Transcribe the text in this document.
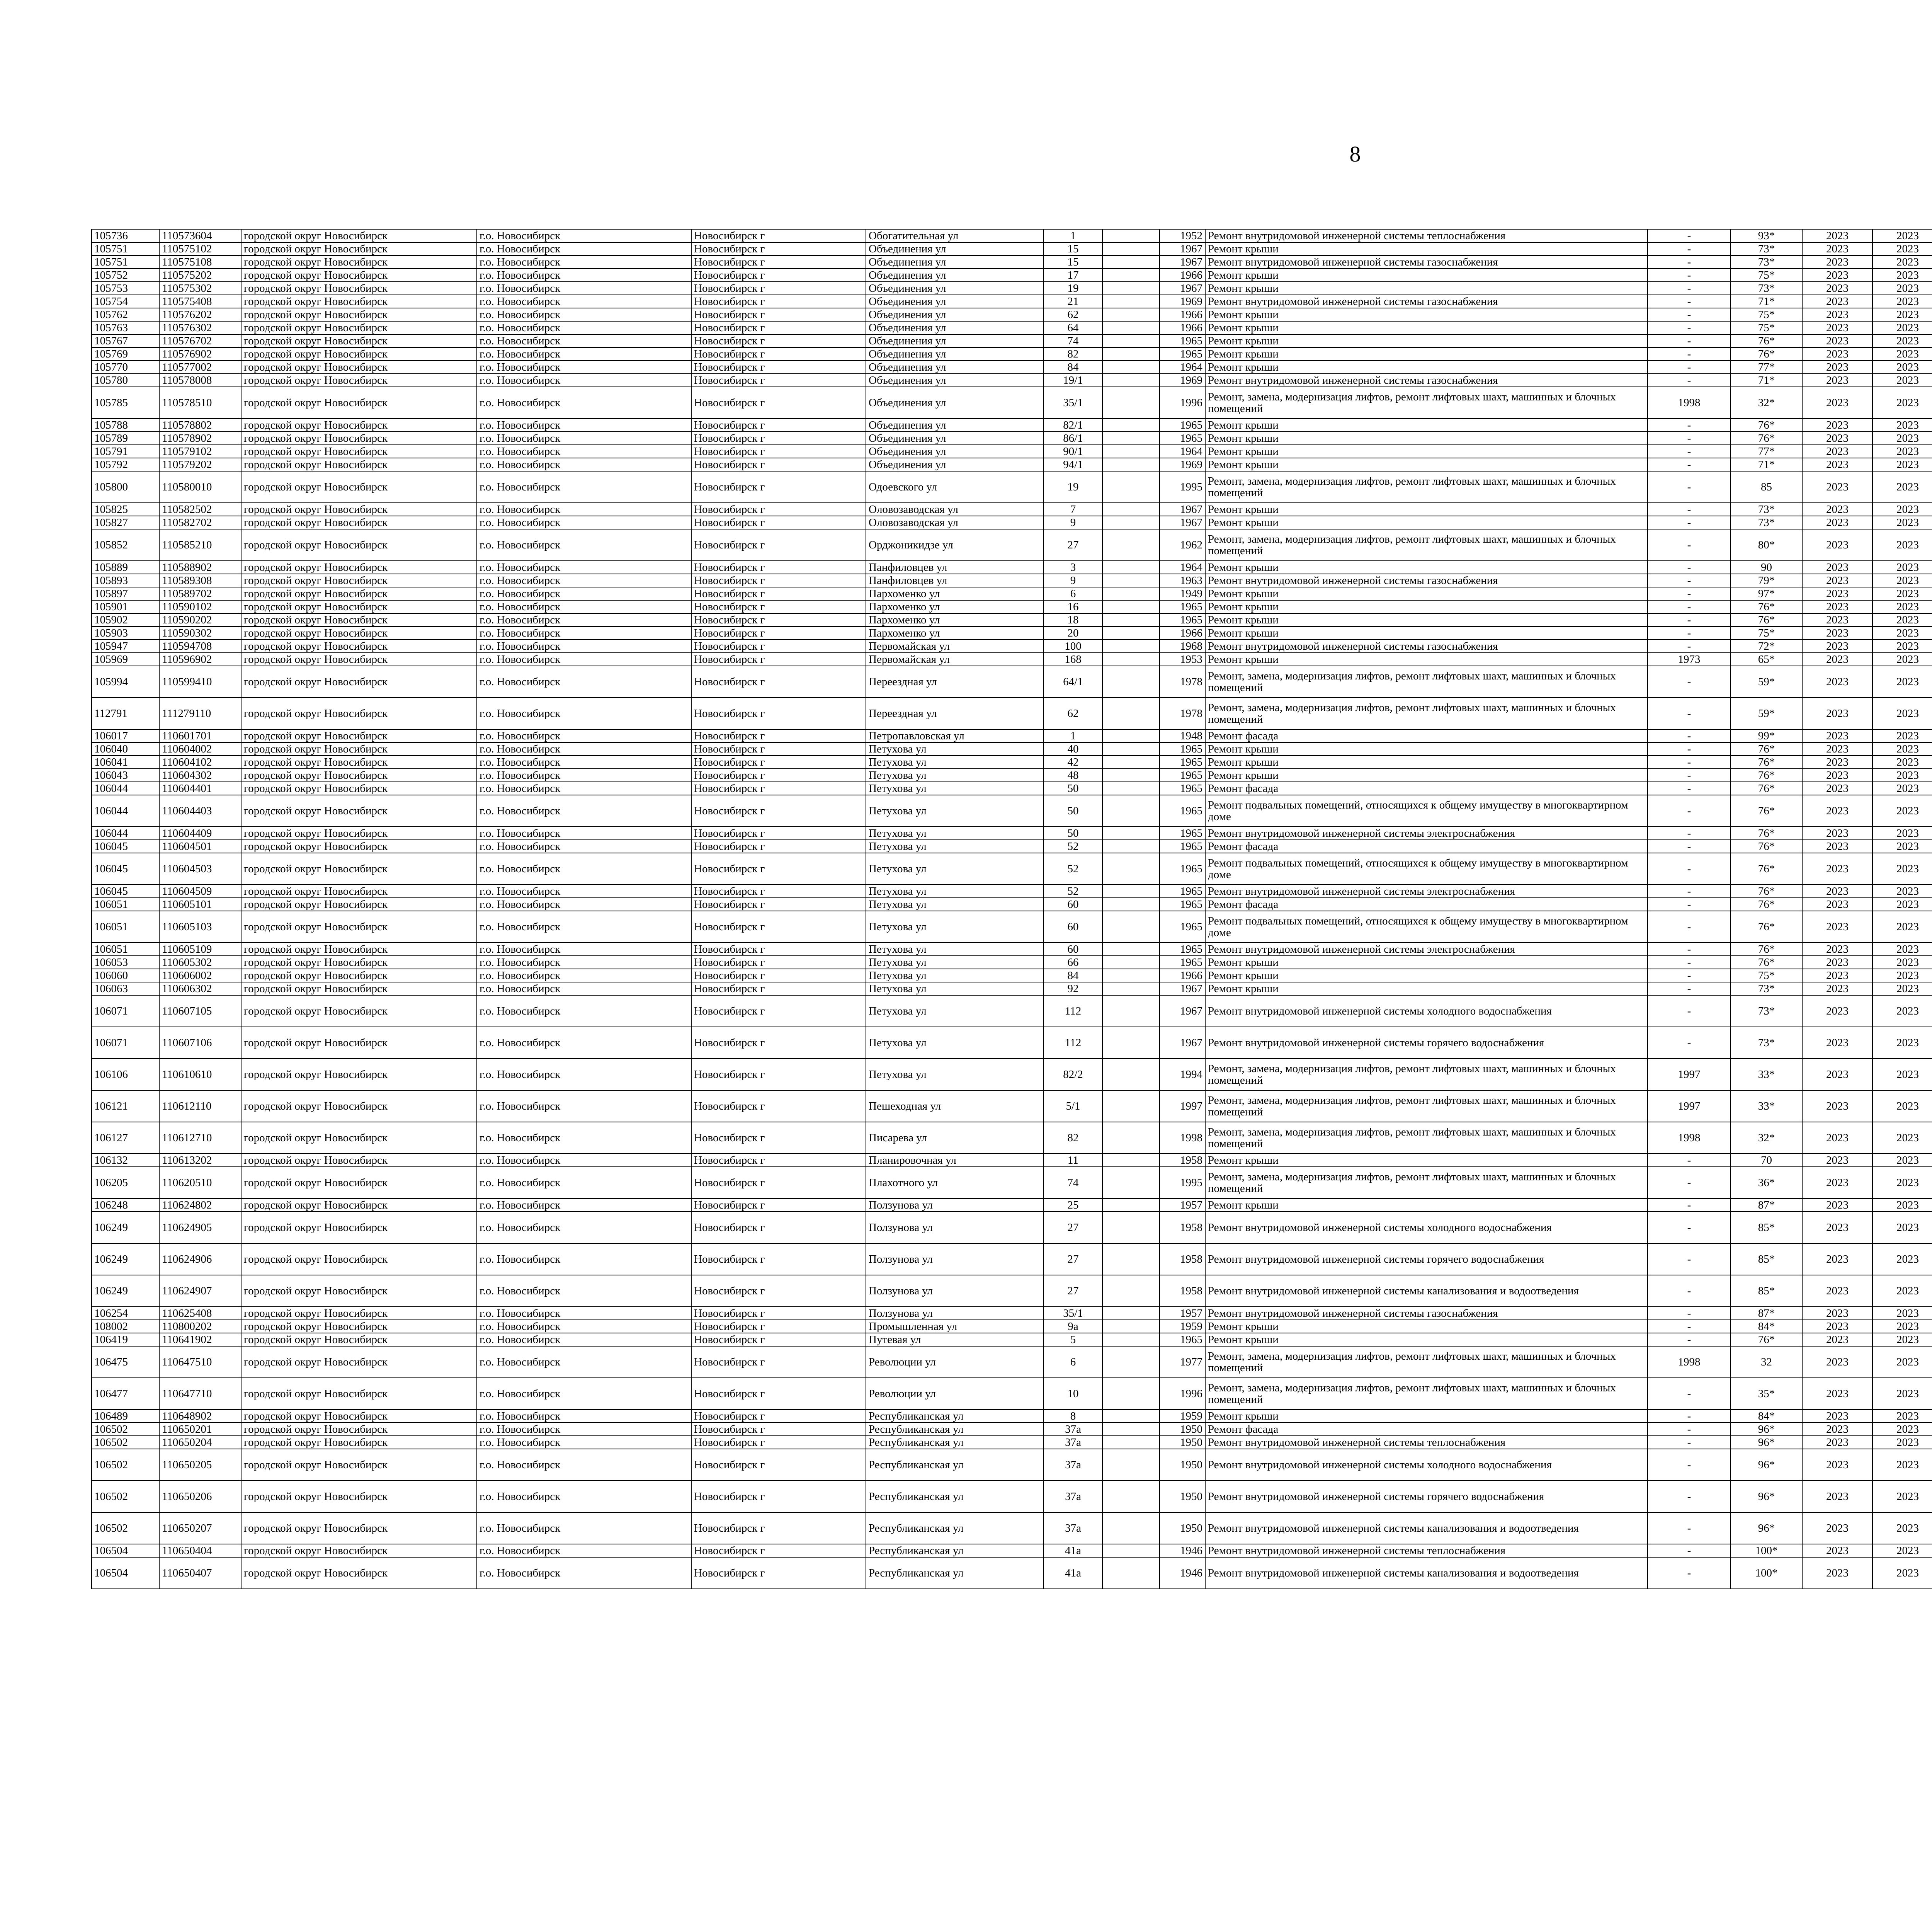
8
105736	110573604	городской округ Новосибирск	г.о. Новосибирск	Новосибирск г	Обогатительная ул	1		1952	Ремонт внутридомовой инженерной системы теплоснабжения	-	93*	2023	2023					
105751	110575102	городской округ Новосибирск	г.о. Новосибирск	Новосибирск г	Объединения ул	15		1967	Ремонт крыши	-	73*	2023	2023					
105751	110575108	городской округ Новосибирск	г.о. Новосибирск	Новосибирск г	Объединения ул	15		1967	Ремонт внутридомовой инженерной системы газоснабжения	-	73*	2023	2023					
105752	110575202	городской округ Новосибирск	г.о. Новосибирск	Новосибирск г	Объединения ул	17		1966	Ремонт крыши	-	75*	2023	2023					
105753	110575302	городской округ Новосибирск	г.о. Новосибирск	Новосибирск г	Объединения ул	19		1967	Ремонт крыши	-	73*	2023	2023					
105754	110575408	городской округ Новосибирск	г.о. Новосибирск	Новосибирск г	Объединения ул	21		1969	Ремонт внутридомовой инженерной системы газоснабжения	-	71*	2023	2023					
105762	110576202	городской округ Новосибирск	г.о. Новосибирск	Новосибирск г	Объединения ул	62		1966	Ремонт крыши	-	75*	2023	2023					
105763	110576302	городской округ Новосибирск	г.о. Новосибирск	Новосибирск г	Объединения ул	64		1966	Ремонт крыши	-	75*	2023	2023					
105767	110576702	городской округ Новосибирск	г.о. Новосибирск	Новосибирск г	Объединения ул	74		1965	Ремонт крыши	-	76*	2023	2023					
105769	110576902	городской округ Новосибирск	г.о. Новосибирск	Новосибирск г	Объединения ул	82		1965	Ремонт крыши	-	76*	2023	2023					
105770	110577002	городской округ Новосибирск	г.о. Новосибирск	Новосибирск г	Объединения ул	84		1964	Ремонт крыши	-	77*	2023	2023					
105780	110578008	городской округ Новосибирск	г.о. Новосибирск	Новосибирск г	Объединения ул	19/1		1969	Ремонт внутридомовой инженерной системы газоснабжения	-	71*	2023	2023					
105785	110578510	городской округ Новосибирск	г.о. Новосибирск	Новосибирск г	Объединения ул	35/1		1996	Ремонт, замена, модернизация лифтов, ремонт лифтовых шахт, машинных и блочных помещений	1998	32*	2023	2023					
105788	110578802	городской округ Новосибирск	г.о. Новосибирск	Новосибирск г	Объединения ул	82/1		1965	Ремонт крыши	-	76*	2023	2023					
105789	110578902	городской округ Новосибирск	г.о. Новосибирск	Новосибирск г	Объединения ул	86/1		1965	Ремонт крыши	-	76*	2023	2023					
105791	110579102	городской округ Новосибирск	г.о. Новосибирск	Новосибирск г	Объединения ул	90/1		1964	Ремонт крыши	-	77*	2023	2023					
105792	110579202	городской округ Новосибирск	г.о. Новосибирск	Новосибирск г	Объединения ул	94/1		1969	Ремонт крыши	-	71*	2023	2023					
105800	110580010	городской округ Новосибирск	г.о. Новосибирск	Новосибирск г	Одоевского ул	19		1995	Ремонт, замена, модернизация лифтов, ремонт лифтовых шахт, машинных и блочных помещений	-	85	2023	2023					
105825	110582502	городской округ Новосибирск	г.о. Новосибирск	Новосибирск г	Оловозаводская ул	7		1967	Ремонт крыши	-	73*	2023	2023					
105827	110582702	городской округ Новосибирск	г.о. Новосибирск	Новосибирск г	Оловозаводская ул	9		1967	Ремонт крыши	-	73*	2023	2023					
105852	110585210	городской округ Новосибирск	г.о. Новосибирск	Новосибирск г	Орджоникидзе ул	27		1962	Ремонт, замена, модернизация лифтов, ремонт лифтовых шахт, машинных и блочных помещений	-	80*	2023	2023					
105889	110588902	городской округ Новосибирск	г.о. Новосибирск	Новосибирск г	Панфиловцев ул	3		1964	Ремонт крыши	-	90	2023	2023					
105893	110589308	городской округ Новосибирск	г.о. Новосибирск	Новосибирск г	Панфиловцев ул	9		1963	Ремонт внутридомовой инженерной системы газоснабжения	-	79*	2023	2023					
105897	110589702	городской округ Новосибирск	г.о. Новосибирск	Новосибирск г	Пархоменко ул	6		1949	Ремонт крыши	-	97*	2023	2023					
105901	110590102	городской округ Новосибирск	г.о. Новосибирск	Новосибирск г	Пархоменко ул	16		1965	Ремонт крыши	-	76*	2023	2023					
105902	110590202	городской округ Новосибирск	г.о. Новосибирск	Новосибирск г	Пархоменко ул	18		1965	Ремонт крыши	-	76*	2023	2023					
105903	110590302	городской округ Новосибирск	г.о. Новосибирск	Новосибирск г	Пархоменко ул	20		1966	Ремонт крыши	-	75*	2023	2023					
105947	110594708	городской округ Новосибирск	г.о. Новосибирск	Новосибирск г	Первомайская ул	100		1968	Ремонт внутридомовой инженерной системы газоснабжения	-	72*	2023	2023					
105969	110596902	городской округ Новосибирск	г.о. Новосибирск	Новосибирск г	Первомайская ул	168		1953	Ремонт крыши	1973	65*	2023	2023					
105994	110599410	городской округ Новосибирск	г.о. Новосибирск	Новосибирск г	Переездная ул	64/1		1978	Ремонт, замена, модернизация лифтов, ремонт лифтовых шахт, машинных и блочных помещений	-	59*	2023	2023					
112791	111279110	городской округ Новосибирск	г.о. Новосибирск	Новосибирск г	Переездная ул	62		1978	Ремонт, замена, модернизация лифтов, ремонт лифтовых шахт, машинных и блочных помещений	-	59*	2023	2023					
106017	110601701	городской округ Новосибирск	г.о. Новосибирск	Новосибирск г	Петропавловская ул	1		1948	Ремонт фасада	-	99*	2023	2023					
106040	110604002	городской округ Новосибирск	г.о. Новосибирск	Новосибирск г	Петухова ул	40		1965	Ремонт крыши	-	76*	2023	2023					
106041	110604102	городской округ Новосибирск	г.о. Новосибирск	Новосибирск г	Петухова ул	42		1965	Ремонт крыши	-	76*	2023	2023					
106043	110604302	городской округ Новосибирск	г.о. Новосибирск	Новосибирск г	Петухова ул	48		1965	Ремонт крыши	-	76*	2023	2023					
106044	110604401	городской округ Новосибирск	г.о. Новосибирск	Новосибирск г	Петухова ул	50		1965	Ремонт фасада	-	76*	2023	2023					
106044	110604403	городской округ Новосибирск	г.о. Новосибирск	Новосибирск г	Петухова ул	50		1965	Ремонт подвальных помещений, относящихся к общему имуществу в многоквартирном доме	-	76*	2023	2023					
106044	110604409	городской округ Новосибирск	г.о. Новосибирск	Новосибирск г	Петухова ул	50		1965	Ремонт внутридомовой инженерной системы электроснабжения	-	76*	2023	2023					
106045	110604501	городской округ Новосибирск	г.о. Новосибирск	Новосибирск г	Петухова ул	52		1965	Ремонт фасада	-	76*	2023	2023					
106045	110604503	городской округ Новосибирск	г.о. Новосибирск	Новосибирск г	Петухова ул	52		1965	Ремонт подвальных помещений, относящихся к общему имуществу в многоквартирном доме	-	76*	2023	2023					
106045	110604509	городской округ Новосибирск	г.о. Новосибирск	Новосибирск г	Петухова ул	52		1965	Ремонт внутридомовой инженерной системы электроснабжения	-	76*	2023	2023					
106051	110605101	городской округ Новосибирск	г.о. Новосибирск	Новосибирск г	Петухова ул	60		1965	Ремонт фасада	-	76*	2023	2023					
106051	110605103	городской округ Новосибирск	г.о. Новосибирск	Новосибирск г	Петухова ул	60		1965	Ремонт подвальных помещений, относящихся к общему имуществу в многоквартирном доме	-	76*	2023	2023					
106051	110605109	городской округ Новосибирск	г.о. Новосибирск	Новосибирск г	Петухова ул	60		1965	Ремонт внутридомовой инженерной системы электроснабжения	-	76*	2023	2023					
106053	110605302	городской округ Новосибирск	г.о. Новосибирск	Новосибирск г	Петухова ул	66		1965	Ремонт крыши	-	76*	2023	2023					
106060	110606002	городской округ Новосибирск	г.о. Новосибирск	Новосибирск г	Петухова ул	84		1966	Ремонт крыши	-	75*	2023	2023					
106063	110606302	городской округ Новосибирск	г.о. Новосибирск	Новосибирск г	Петухова ул	92		1967	Ремонт крыши	-	73*	2023	2023					
106071	110607105	городской округ Новосибирск	г.о. Новосибирск	Новосибирск г	Петухова ул	112		1967	Ремонт внутридомовой инженерной системы холодного водоснабжения	-	73*	2023	2023					
106071	110607106	городской округ Новосибирск	г.о. Новосибирск	Новосибирск г	Петухова ул	112		1967	Ремонт внутридомовой инженерной системы горячего водоснабжения	-	73*	2023	2023					
106106	110610610	городской округ Новосибирск	г.о. Новосибирск	Новосибирск г	Петухова ул	82/2		1994	Ремонт, замена, модернизация лифтов, ремонт лифтовых шахт, машинных и блочных помещений	1997	33*	2023	2023					
106121	110612110	городской округ Новосибирск	г.о. Новосибирск	Новосибирск г	Пешеходная ул	5/1		1997	Ремонт, замена, модернизация лифтов, ремонт лифтовых шахт, машинных и блочных помещений	1997	33*	2023	2023					
106127	110612710	городской округ Новосибирск	г.о. Новосибирск	Новосибирск г	Писарева ул	82		1998	Ремонт, замена, модернизация лифтов, ремонт лифтовых шахт, машинных и блочных помещений	1998	32*	2023	2023					
106132	110613202	городской округ Новосибирск	г.о. Новосибирск	Новосибирск г	Планировочная ул	11		1958	Ремонт крыши	-	70	2023	2023					
106205	110620510	городской округ Новосибирск	г.о. Новосибирск	Новосибирск г	Плахотного ул	74		1995	Ремонт, замена, модернизация лифтов, ремонт лифтовых шахт, машинных и блочных помещений	-	36*	2023	2023					
106248	110624802	городской округ Новосибирск	г.о. Новосибирск	Новосибирск г	Ползунова ул	25		1957	Ремонт крыши	-	87*	2023	2023					
106249	110624905	городской округ Новосибирск	г.о. Новосибирск	Новосибирск г	Ползунова ул	27		1958	Ремонт внутридомовой инженерной системы холодного водоснабжения	-	85*	2023	2023					
106249	110624906	городской округ Новосибирск	г.о. Новосибирск	Новосибирск г	Ползунова ул	27		1958	Ремонт внутридомовой инженерной системы горячего водоснабжения	-	85*	2023	2023					
106249	110624907	городской округ Новосибирск	г.о. Новосибирск	Новосибирск г	Ползунова ул	27		1958	Ремонт внутридомовой инженерной системы канализования и водоотведения	-	85*	2023	2023					
106254	110625408	городской округ Новосибирск	г.о. Новосибирск	Новосибирск г	Ползунова ул	35/1		1957	Ремонт внутридомовой инженерной системы газоснабжения	-	87*	2023	2023					
108002	110800202	городской округ Новосибирск	г.о. Новосибирск	Новосибирск г	Промышленная ул	9а		1959	Ремонт крыши	-	84*	2023	2023					
106419	110641902	городской округ Новосибирск	г.о. Новосибирск	Новосибирск г	Путевая ул	5		1965	Ремонт крыши	-	76*	2023	2023					
106475	110647510	городской округ Новосибирск	г.о. Новосибирск	Новосибирск г	Революции ул	6		1977	Ремонт, замена, модернизация лифтов, ремонт лифтовых шахт, машинных и блочных помещений	1998	32	2023	2023					
106477	110647710	городской округ Новосибирск	г.о. Новосибирск	Новосибирск г	Революции ул	10		1996	Ремонт, замена, модернизация лифтов, ремонт лифтовых шахт, машинных и блочных помещений	-	35*	2023	2023					
106489	110648902	городской округ Новосибирск	г.о. Новосибирск	Новосибирск г	Республиканская ул	8		1959	Ремонт крыши	-	84*	2023	2023					
106502	110650201	городской округ Новосибирск	г.о. Новосибирск	Новосибирск г	Республиканская ул	37а		1950	Ремонт фасада	-	96*	2023	2023					
106502	110650204	городской округ Новосибирск	г.о. Новосибирск	Новосибирск г	Республиканская ул	37а		1950	Ремонт внутридомовой инженерной системы теплоснабжения	-	96*	2023	2023					
106502	110650205	городской округ Новосибирск	г.о. Новосибирск	Новосибирск г	Республиканская ул	37а		1950	Ремонт внутридомовой инженерной системы холодного водоснабжения	-	96*	2023	2023					
106502	110650206	городской округ Новосибирск	г.о. Новосибирск	Новосибирск г	Республиканская ул	37а		1950	Ремонт внутридомовой инженерной системы горячего водоснабжения	-	96*	2023	2023					
106502	110650207	городской округ Новосибирск	г.о. Новосибирск	Новосибирск г	Республиканская ул	37а		1950	Ремонт внутридомовой инженерной системы канализования и водоотведения	-	96*	2023	2023					
106504	110650404	городской округ Новосибирск	г.о. Новосибирск	Новосибирск г	Республиканская ул	41а		1946	Ремонт внутридомовой инженерной системы теплоснабжения	-	100*	2023	2023					
106504	110650407	городской округ Новосибирск	г.о. Новосибирск	Новосибирск г	Республиканская ул	41а		1946	Ремонт внутридомовой инженерной системы канализования и водоотведения	-	100*	2023	2023					
